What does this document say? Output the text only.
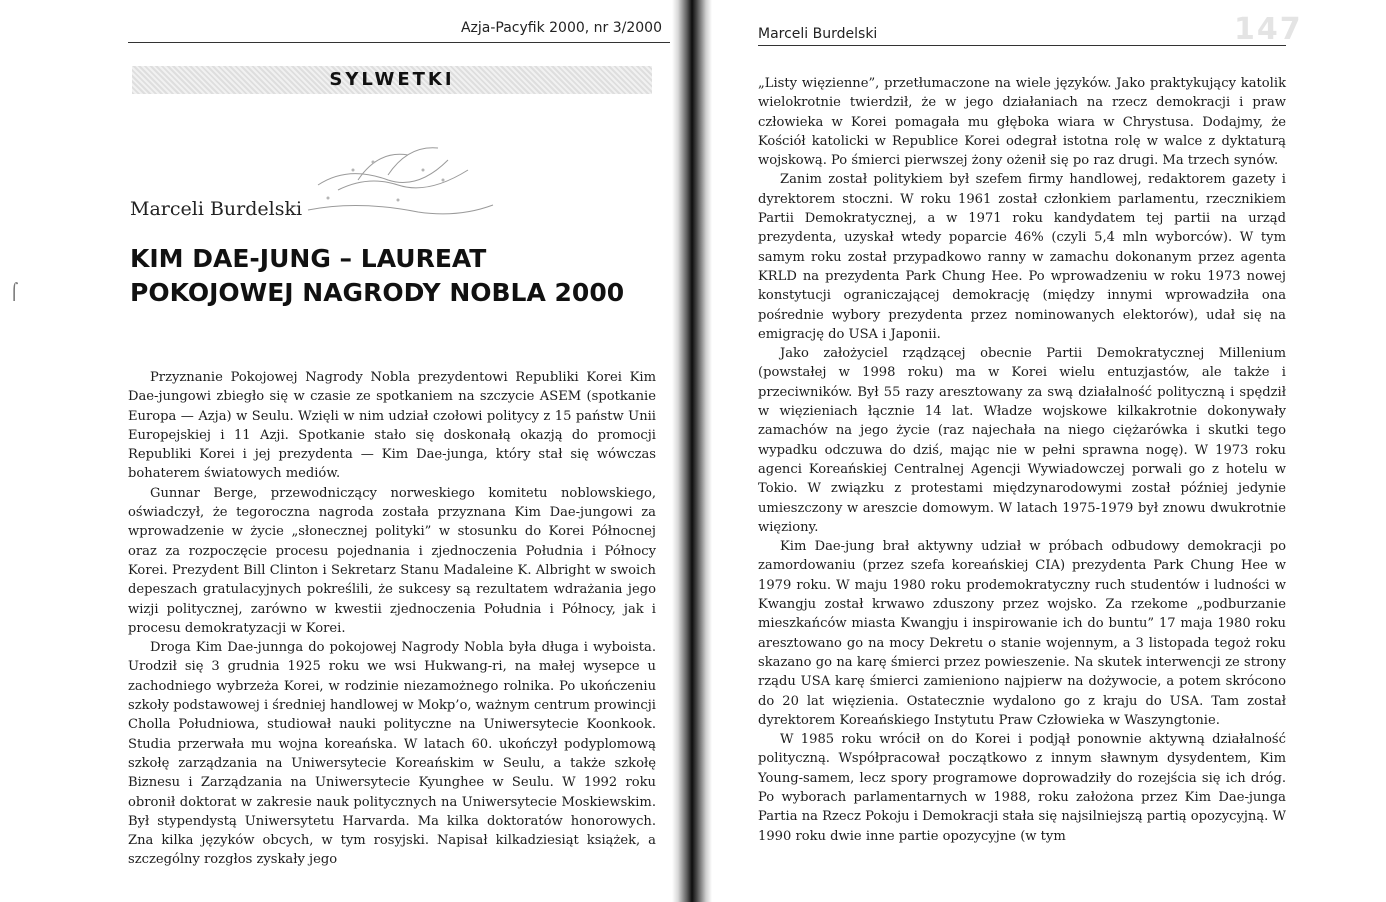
Azja-Pacyfik 2000, nr 3/2000
SYLWETKI
Marceli Burdelski
KIM DAE-JUNG – LAUREAT
POKOJOWEJ NAGRODY NOBLA 2000
⌠

Przyznanie Pokojowej Nagrody Nobla prezydentowi Republiki Korei Kim Dae-jungowi zbiegło się w czasie ze spotkaniem na szczycie ASEM (spotkanie Europa — Azja) w Seulu. Wzięli w nim udział czołowi politycy z 15 państw Unii Europejskiej i 11 Azji. Spotkanie stało się doskonałą okazją do promocji Republiki Korei i jej prezydenta — Kim Dae-junga, który stał się wówczas bohaterem światowych mediów.

Gunnar Berge, przewodniczący norweskiego komitetu noblowskiego, oświadczył, że tegoroczna nagroda została przyznana Kim Dae-jungowi za wprowadzenie w życie „słonecznej polityki” w stosunku do Korei Północnej oraz za rozpoczęcie procesu pojednania i zjednoczenia Południa i Północy Korei. Prezydent Bill Clinton i Sekretarz Stanu Madaleine K. Albright w swoich depeszach gratulacyjnych pokreślili, że sukcesy są rezultatem wdrażania jego wizji politycznej, zarówno w kwestii zjednoczenia Południa i Północy, jak i procesu demokratyzacji w Korei.

Droga Kim Dae-junnga do pokojowej Nagrody Nobla była długa i wyboista. Urodził się 3 grudnia 1925 roku we wsi Hukwang-ri, na małej wysepce u zachodniego wybrzeża Korei, w rodzinie niezamożnego rolnika. Po ukończeniu szkoły podstawowej i średniej handlowej w Mokp’o, ważnym centrum prowincji Cholla Południowa, studiował nauki polityczne na Uniwersytecie Koonkook. Studia przerwała mu wojna koreańska. W latach 60. ukończył podyplomową szkołę zarządzania na Uniwersytecie Koreańskim w Seulu, a także szkołę Biznesu i Zarządzania na Uniwersytecie Kyunghee w Seulu. W 1992 roku obronił doktorat w zakresie nauk politycznych na Uniwersytecie Moskiewskim. Był stypendystą Uniwersytetu Harvarda. Ma kilka doktoratów honorowych. Zna kilka języków obcych, w tym rosyjski. Napisał kilkadziesiąt książek, a szczególny rozgłos zyskały jego

Marceli Burdelski	147

„Listy więzienne”, przetłumaczone na wiele języków. Jako praktykujący katolik wielokrotnie twierdził, że w jego działaniach na rzecz demokracji i praw człowieka w Korei pomagała mu głęboka wiara w Chrystusa. Dodajmy, że Kościół katolicki w Republice Korei odegrał istotna rolę w walce z dyktaturą wojskową. Po śmierci pierwszej żony ożenił się po raz drugi. Ma trzech synów.

Zanim został politykiem był szefem firmy handlowej, redaktorem gazety i dyrektorem stoczni. W roku 1961 został członkiem parlamentu, rzecznikiem Partii Demokratycznej, a w 1971 roku kandydatem tej partii na urząd prezydenta, uzyskał wtedy poparcie 46% (czyli 5,4 mln wyborców). W tym samym roku został przypadkowo ranny w zamachu dokonanym przez agenta KRLD na prezydenta Park Chung Hee. Po wprowadzeniu w roku 1973 nowej konstytucji ograniczającej demokrację (między innymi wprowadziła ona pośrednie wybory prezydenta przez nominowanych elektorów), udał się na emigrację do USA i Japonii.

Jako założyciel rządzącej obecnie Partii Demokratycznej Millenium (powstałej w 1998 roku) ma w Korei wielu entuzjastów, ale także i przeciwników. Był 55 razy aresztowany za swą działalność polityczną i spędził w więzieniach łącznie 14 lat. Władze wojskowe kilkakrotnie dokonywały zamachów na jego życie (raz najechała na niego ciężarówka i skutki tego wypadku odczuwa do dziś, mając nie w pełni sprawna nogę). W 1973 roku agenci Koreańskiej Centralnej Agencji Wywiadowczej porwali go z hotelu w Tokio. W związku z protestami międzynarodowymi został później jedynie umieszczony w areszcie domowym. W latach 1975-1979 był znowu dwukrotnie więziony.

Kim Dae-jung brał aktywny udział w próbach odbudowy demokracji po zamordowaniu (przez szefa koreańskiej CIA) prezydenta Park Chung Hee w 1979 roku. W maju 1980 roku prodemokratyczny ruch studentów i ludności w Kwangju został krwawo zduszony przez wojsko. Za rzekome „podburzanie mieszkańców miasta Kwangju i inspirowanie ich do buntu” 17 maja 1980 roku aresztowano go na mocy Dekretu o stanie wojennym, a 3 listopada tegoż roku skazano go na karę śmierci przez powieszenie. Na skutek interwencji ze strony rządu USA karę śmierci zamieniono najpierw na dożywocie, a potem skrócono do 20 lat więzienia. Ostatecznie wydalono go z kraju do USA. Tam został dyrektorem Koreańskiego Instytutu Praw Człowieka w Waszyngtonie.

W 1985 roku wrócił on do Korei i podjął ponownie aktywną działalność polityczną. Współpracował początkowo z innym sławnym dysydentem, Kim Young-samem, lecz spory programowe doprowadziły do rozejścia się ich dróg. Po wyborach parlamentarnych w 1988, roku założona przez Kim Dae-junga Partia na Rzecz Pokoju i Demokracji stała się najsilniejszą partią opozycyjną. W 1990 roku dwie inne partie opozycyjne (w tym
